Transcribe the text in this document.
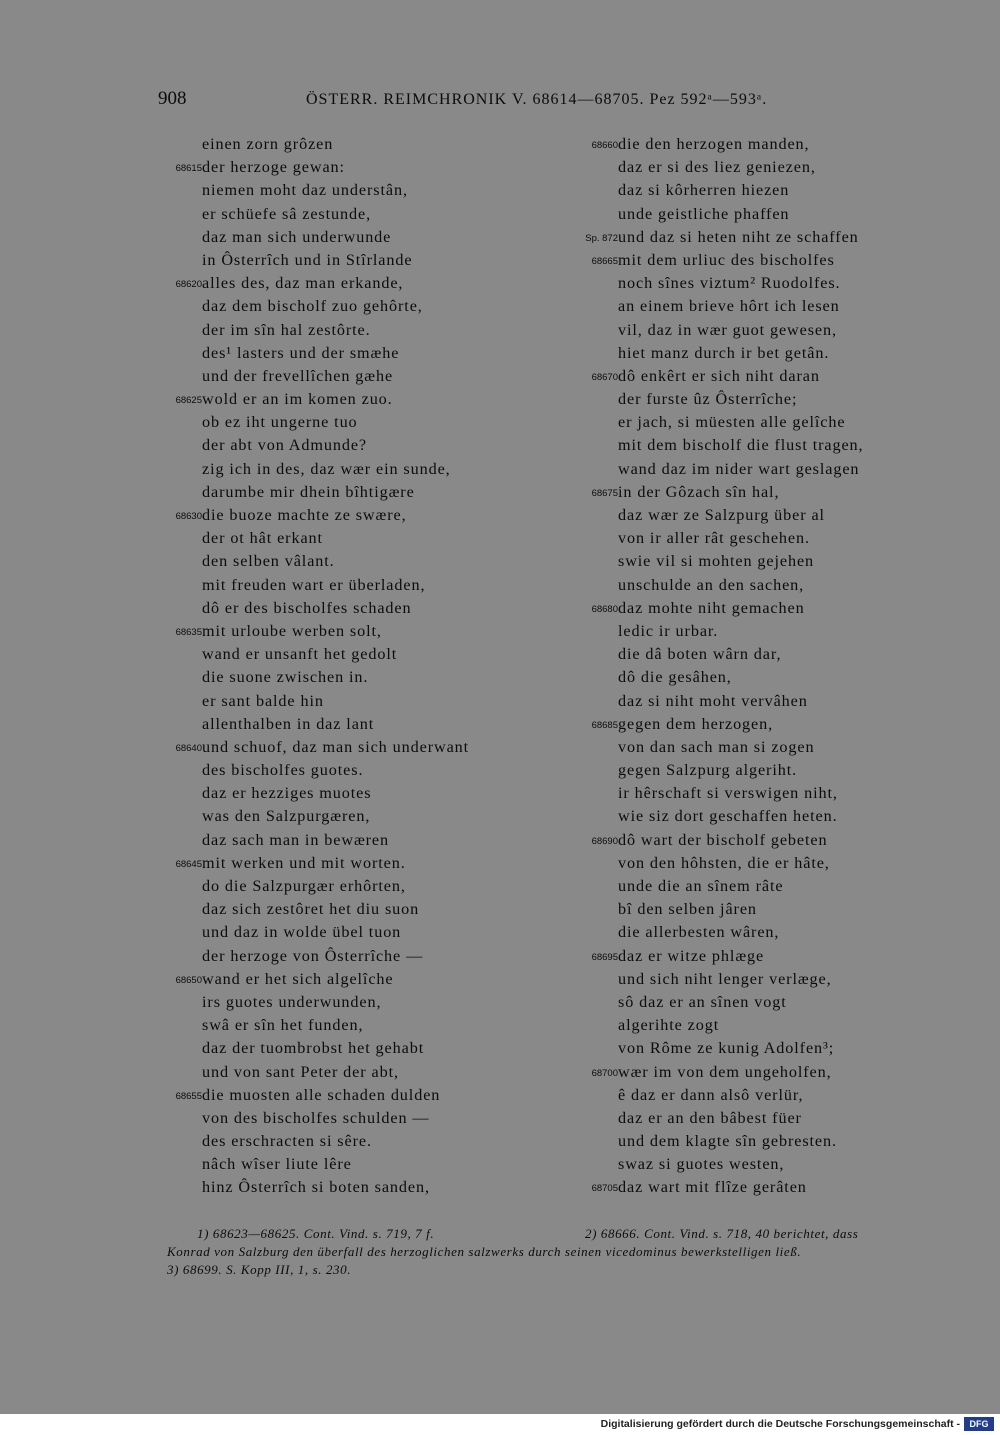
908	ÖSTERR. REIMCHRONIK V. 68614—68705. Pez 592ᵃ—593ᵃ.
einen zorn grôzen
68615 der herzoge gewan:
niemen moht daz understân,
er schüefe sâ zestunde,
daz man sich underwunde
in Ôsterrîch und in Stîrlande
68620 alles des, daz man erkande,
daz dem bischolf zuo gehôrte,
der im sîn hal zestôrte.
des¹ lasters und der smæhe
und der frevellîchen gæhe
68625 wold er an im komen zuo.
ob ez iht ungerne tuo
der abt von Admunde?
zig ich in des, daz wær ein sunde,
darumbe mir dhein bîhtigære
68630 die buoze machte ze swære,
der ot hât erkant
den selben vâlant.
mit freuden wart er überladen,
dô er des bischolfes schaden
68635 mit urloube werben solt,
wand er unsanft het gedolt
die suone zwischen in.
er sant balde hin
allenthalben in daz lant
68640 und schuof, daz man sich underwant
des bischolfes guotes.
daz er hezziges muotes
was den Salzpurgæren,
daz sach man in bewæren
68645 mit werken und mit worten.
do die Salzpurgær erhôrten,
daz sich zestôret het diu suon
und daz in wolde übel tuon
der herzoge von Ôsterrîche —
68650 wand er het sich algelîche
irs guotes underwunden,
swâ er sîn het funden,
daz der tuombrobst het gehabt
und von sant Peter der abt,
68655 die muosten alle schaden dulden
von des bischolfes schulden —
des erschracten si sêre.
nâch wîser liute lêre
hinz Ôsterrîch si boten sanden,
68660 die den herzogen manden,
daz er si des liez geniezen,
daz si kôrherren hiezen
unde geistliche phaffen
Sp. 872 und daz si heten niht ze schaffen
68665 mit dem urliuc des bischolfes
noch sînes viztum² Ruodolfes.
an einem brieve hôrt ich lesen
vil, daz in wær guot gewesen,
hiet manz durch ir bet getân.
68670 dô enkêrt er sich niht daran
der furste ûz Ôsterrîche;
er jach, si müesten alle gelîche
mit dem bischolf die flust tragen,
wand daz im nider wart geslagen
68675 in der Gôzach sîn hal,
daz wær ze Salzpurg über al
von ir aller rât geschehen.
swie vil si mohten gejehen
unschulde an den sachen,
68680 daz mohte niht gemachen
ledic ir urbar.
die dâ boten wârn dar,
dô die gesâhen,
daz si niht moht vervâhen
68685 gegen dem herzogen,
von dan sach man si zogen
gegen Salzpurg algeriht.
ir hêrschaft si verswigen niht,
wie siz dort geschaffen heten.
68690 dô wart der bischolf gebeten
von den hôhsten, die er hâte,
unde die an sînem râte
bî den selben jâren
die allerbesten wâren,
68695 daz er witze phlæge
und sich niht lenger verlæge,
sô daz er an sînen vogt
algerihte zogt
von Rôme ze kunig Adolfen³;
68700 wær im von dem ungeholfen,
ê daz er dann alsô verlür,
daz er an den bâbest füer
und dem klagte sîn gebresten.
swaz si guotes westen,
68705 daz wart mit flîze gerâten
1) 68623—68625. Cont. Vind. s. 719, 7 f.	2) 68666. Cont. Vind. s. 718, 40 berichtet, dass
Konrad von Salzburg den überfall des herzoglichen salzwerks durch seinen vicedominus bewerkstelligen ließ.
3) 68699. S. Kopp III, 1, s. 230.
Digitalisierung gefördert durch die Deutsche Forschungsgemeinschaft -	DFG
